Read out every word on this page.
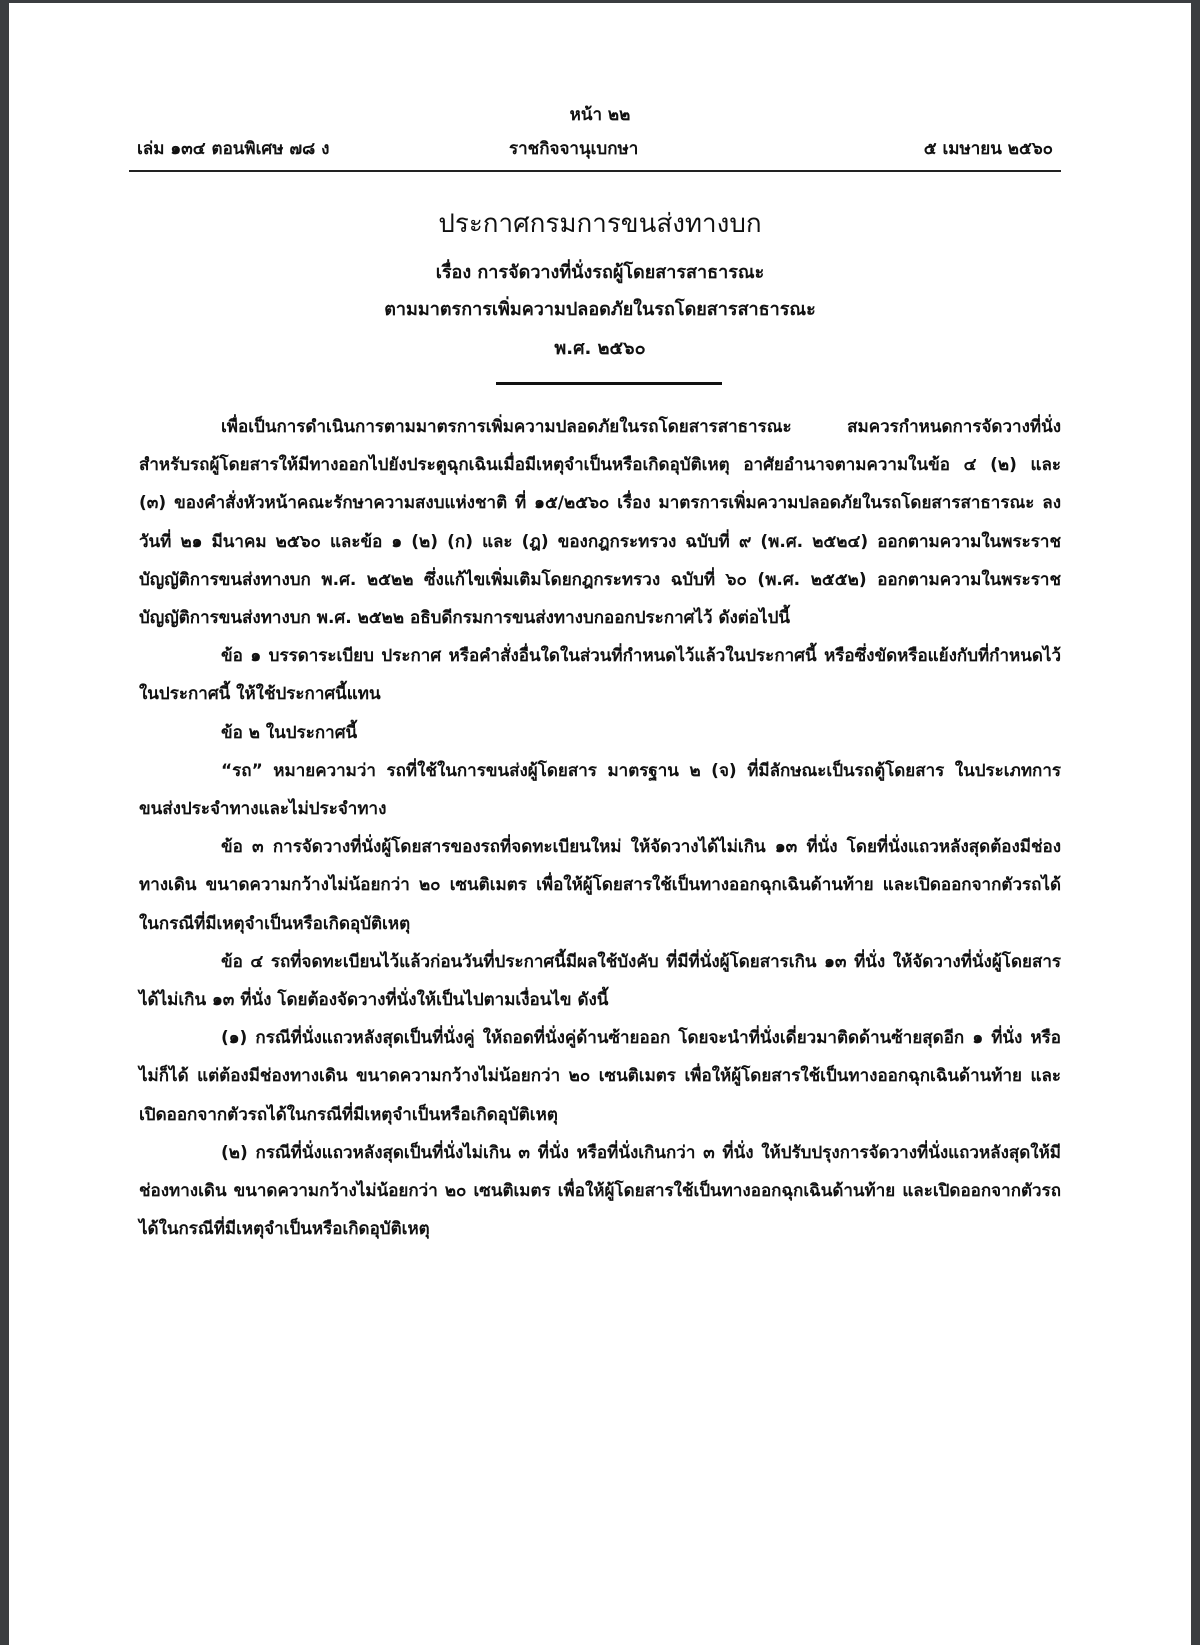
หน้า ๒๒
เล่ม ๑๓๔ ตอนพิเศษ ๗๘ ง	ราชกิจจานุเบกษา	๕ เมษายน ๒๕๖๐
ประกาศกรมการขนส่งทางบก
เรื่อง การจัดวางที่นั่งรถผู้โดยสารสาธารณะ
ตามมาตรการเพิ่มความปลอดภัยในรถโดยสารสาธารณะ
พ.ศ. ๒๕๖๐

เพื่อเป็นการดำเนินการตามมาตรการเพิ่มความปลอดภัยในรถโดยสารสาธารณะ สมควรกำหนดการจัดวางที่นั่งสำหรับรถผู้โดยสารให้มีทางออกไปยังประตูฉุกเฉินเมื่อมีเหตุจำเป็นหรือเกิดอุบัติเหตุ อาศัยอำนาจตามความในข้อ ๔ (๒) และ (๓) ของคำสั่งหัวหน้าคณะรักษาความสงบแห่งชาติ ที่ ๑๕/๒๕๖๐ เรื่อง มาตรการเพิ่มความปลอดภัยในรถโดยสารสาธารณะ ลงวันที่ ๒๑ มีนาคม ๒๕๖๐ และข้อ ๑ (๒) (ก) และ (ฎ) ของกฎกระทรวง ฉบับที่ ๙ (พ.ศ. ๒๕๒๔) ออกตามความในพระราชบัญญัติการขนส่งทางบก พ.ศ. ๒๕๒๒ ซึ่งแก้ไขเพิ่มเติมโดยกฎกระทรวง ฉบับที่ ๖๐ (พ.ศ. ๒๕๕๒) ออกตามความในพระราชบัญญัติการขนส่งทางบก พ.ศ. ๒๕๒๒ อธิบดีกรมการขนส่งทางบกออกประกาศไว้ ดังต่อไปนี้

ข้อ ๑ บรรดาระเบียบ ประกาศ หรือคำสั่งอื่นใดในส่วนที่กำหนดไว้แล้วในประกาศนี้ หรือซึ่งขัดหรือแย้งกับที่กำหนดไว้ในประกาศนี้ ให้ใช้ประกาศนี้แทน

ข้อ ๒ ในประกาศนี้

“รถ” หมายความว่า รถที่ใช้ในการขนส่งผู้โดยสาร มาตรฐาน ๒ (จ) ที่มีลักษณะเป็นรถตู้โดยสาร ในประเภทการขนส่งประจำทางและไม่ประจำทาง

ข้อ ๓ การจัดวางที่นั่งผู้โดยสารของรถที่จดทะเบียนใหม่ ให้จัดวางได้ไม่เกิน ๑๓ ที่นั่ง โดยที่นั่งแถวหลังสุดต้องมีช่องทางเดิน ขนาดความกว้างไม่น้อยกว่า ๒๐ เซนติเมตร เพื่อให้ผู้โดยสารใช้เป็นทางออกฉุกเฉินด้านท้าย และเปิดออกจากตัวรถได้ในกรณีที่มีเหตุจำเป็นหรือเกิดอุบัติเหตุ

ข้อ ๔ รถที่จดทะเบียนไว้แล้วก่อนวันที่ประกาศนี้มีผลใช้บังคับ ที่มีที่นั่งผู้โดยสารเกิน ๑๓ ที่นั่ง ให้จัดวางที่นั่งผู้โดยสารได้ไม่เกิน ๑๓ ที่นั่ง โดยต้องจัดวางที่นั่งให้เป็นไปตามเงื่อนไข ดังนี้

(๑) กรณีที่นั่งแถวหลังสุดเป็นที่นั่งคู่ ให้ถอดที่นั่งคู่ด้านซ้ายออก โดยจะนำที่นั่งเดี่ยวมาติดด้านซ้ายสุดอีก ๑ ที่นั่ง หรือไม่ก็ได้ แต่ต้องมีช่องทางเดิน ขนาดความกว้างไม่น้อยกว่า ๒๐ เซนติเมตร เพื่อให้ผู้โดยสารใช้เป็นทางออกฉุกเฉินด้านท้าย และเปิดออกจากตัวรถได้ในกรณีที่มีเหตุจำเป็นหรือเกิดอุบัติเหตุ

(๒) กรณีที่นั่งแถวหลังสุดเป็นที่นั่งไม่เกิน ๓ ที่นั่ง หรือที่นั่งเกินกว่า ๓ ที่นั่ง ให้ปรับปรุงการจัดวางที่นั่งแถวหลังสุดให้มีช่องทางเดิน ขนาดความกว้างไม่น้อยกว่า ๒๐ เซนติเมตร เพื่อให้ผู้โดยสารใช้เป็นทางออกฉุกเฉินด้านท้าย และเปิดออกจากตัวรถได้ในกรณีที่มีเหตุจำเป็นหรือเกิดอุบัติเหตุ
